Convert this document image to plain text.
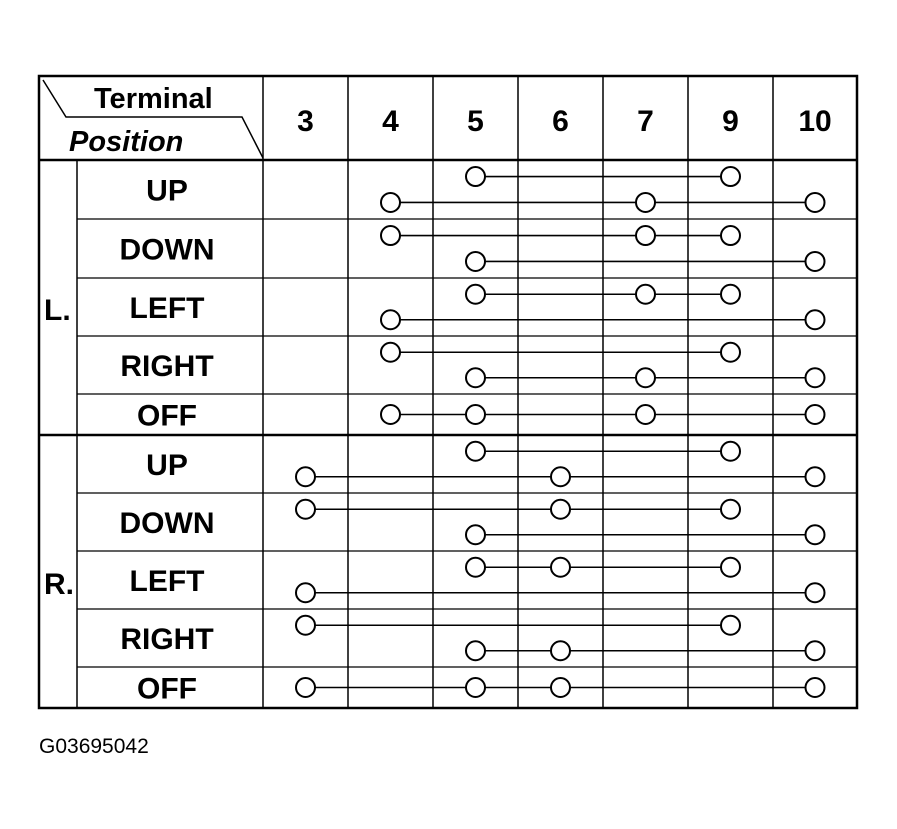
Terminal
Position
3 4 5 6 7 9 10
L.
R.
UP
DOWN
LEFT
RIGHT
OFF
UP
DOWN
LEFT
RIGHT
OFF
G03695042
